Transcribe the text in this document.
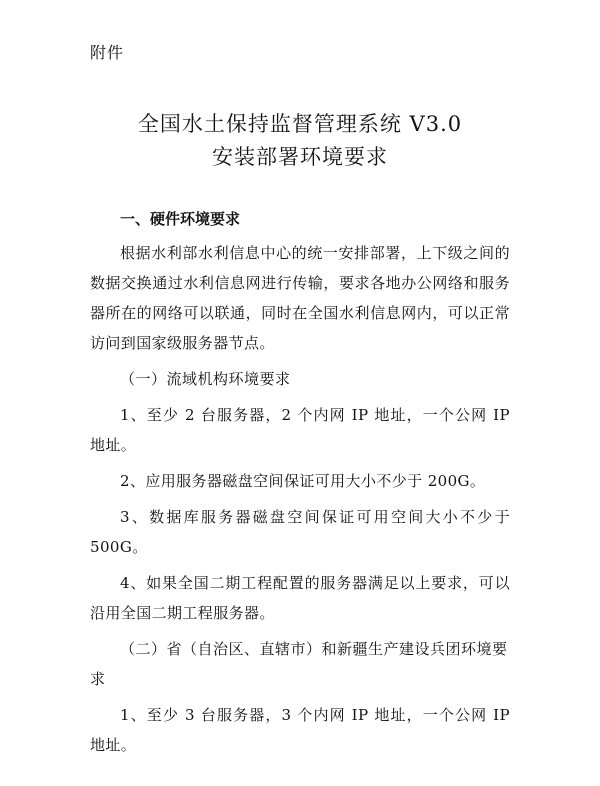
附件
全国水土保持监督管理系统 V3.0
安装部署环境要求
一、硬件环境要求

根据水利部水利信息中心的统一安排部署，上下级之间的数据交换通过水利信息网进行传输，要求各地办公网络和服务器所在的网络可以联通，同时在全国水利信息网内，可以正常访问到国家级服务器节点。

（一）流域机构环境要求

1、至少 2 台服务器，2 个内网 IP 地址，一个公网 IP 地址。

2、应用服务器磁盘空间保证可用大小不少于 200G。

3、数据库服务器磁盘空间保证可用空间大小不少于 500G。

4、如果全国二期工程配置的服务器满足以上要求，可以沿用全国二期工程服务器。

（二）省（自治区、直辖市）和新疆生产建设兵团环境要求

1、至少 3 台服务器，3 个内网 IP 地址，一个公网 IP 地址。
